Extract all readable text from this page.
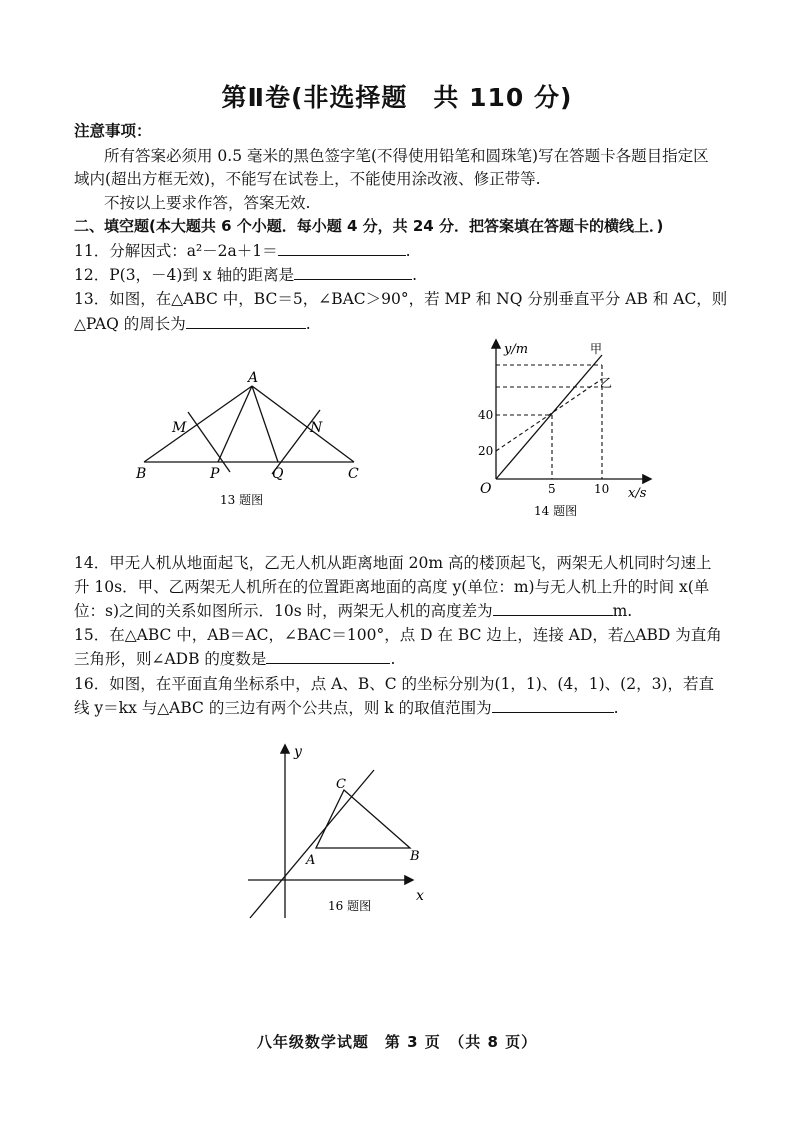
第Ⅱ卷(非选择题　共 110 分)
注意事项：
所有答案必须用 0.5 毫米的黑色签字笔(不得使用铅笔和圆珠笔)写在答题卡各题目指定区
域内(超出方框无效)，不能写在试卷上，不能使用涂改液、修正带等.
不按以上要求作答，答案无效.
二、填空题(本大题共 6 个小题．每小题 4 分，共 24 分．把答案填在答题卡的横线上．)
11．分解因式：a²－2a＋1＝	.
12．P(3，－4)到 x 轴的距离是	.
13．如图，在△ABC 中，BC＝5，∠BAC＞90°，若 MP 和 NQ 分别垂直平分 AB 和 AC，则
△PAQ 的周长为	.
A
B	C
M	N
P	Q
13 题图
y/m
x/s
O
甲
乙
20
40
5	10
14 题图
14．甲无人机从地面起飞，乙无人机从距离地面 20m 高的楼顶起飞，两架无人机同时匀速上
升 10s．甲、乙两架无人机所在的位置距离地面的高度 y(单位：m)与无人机上升的时间 x(单
位：s)之间的关系如图所示．10s 时，两架无人机的高度差为	m.
15．在△ABC 中，AB＝AC，∠BAC＝100°，点 D 在 BC 边上，连接 AD，若△ABD 为直角
三角形，则∠ADB 的度数是	.
16．如图，在平面直角坐标系中，点 A、B、C 的坐标分别为(1，1)、(4，1)、(2，3)，若直
线 y＝kx 与△ABC 的三边有两个公共点，则 k 的取值范围为	.
y
x
A	B
C
16 题图
八年级数学试题　第 3 页　（共 8 页）
